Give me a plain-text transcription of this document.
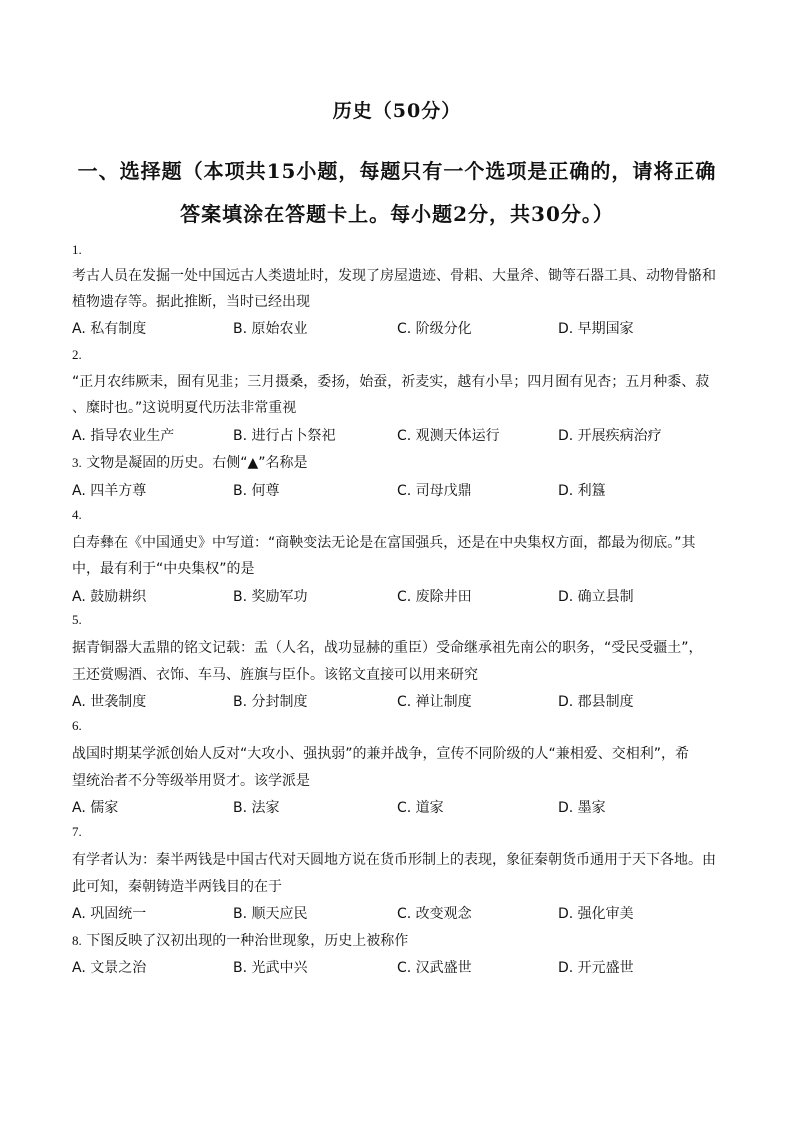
历史（50分）
一、选择题（本项共15小题，每题只有一个选项是正确的，请将正确
答案填涂在答题卡上。每小题2分，共30分。）
1.
考古人员在发掘一处中国远古人类遗址时，发现了房屋遗迹、骨耜、大量斧、锄等石器工具、动物骨骼和
植物遗存等。据此推断，当时已经出现
A. 私有制度	B. 原始农业	C. 阶级分化	D. 早期国家
2.
“正月农纬厥耒，囿有见韭；三月摄桑，委扬，始蚕，祈麦实，越有小旱；四月囿有见杏；五月种黍、菽
、糜时也。”这说明夏代历法非常重视
A. 指导农业生产	B. 进行占卜祭祀	C. 观测天体运行	D. 开展疾病治疗
3. 文物是凝固的历史。右侧“▲”名称是
A. 四羊方尊	B. 何尊	C. 司母戊鼎	D. 利簋
4.
白寿彝在《中国通史》中写道：“商鞅变法无论是在富国强兵，还是在中央集权方面，都最为彻底。”其
中，最有利于“中央集权”的是
A. 鼓励耕织	B. 奖励军功	C. 废除井田	D. 确立县制
5.
据青铜器大盂鼎的铭文记载：盂（人名，战功显赫的重臣）受命继承祖先南公的职务，“受民受疆土”，
王还赏赐酒、衣饰、车马、旌旗与臣仆。该铭文直接可以用来研究
A. 世袭制度	B. 分封制度	C. 禅让制度	D. 郡县制度
6.
战国时期某学派创始人反对“大攻小、强执弱”的兼并战争，宣传不同阶级的人“兼相爱、交相利”，希
望统治者不分等级举用贤才。该学派是
A. 儒家	B. 法家	C. 道家	D. 墨家
7.
有学者认为：秦半两钱是中国古代对天圆地方说在货币形制上的表现，象征秦朝货币通用于天下各地。由
此可知，秦朝铸造半两钱目的在于
A. 巩固统一	B. 顺天应民	C. 改变观念	D. 强化审美
8. 下图反映了汉初出现的一种治世现象，历史上被称作
A. 文景之治	B. 光武中兴	C. 汉武盛世	D. 开元盛世
